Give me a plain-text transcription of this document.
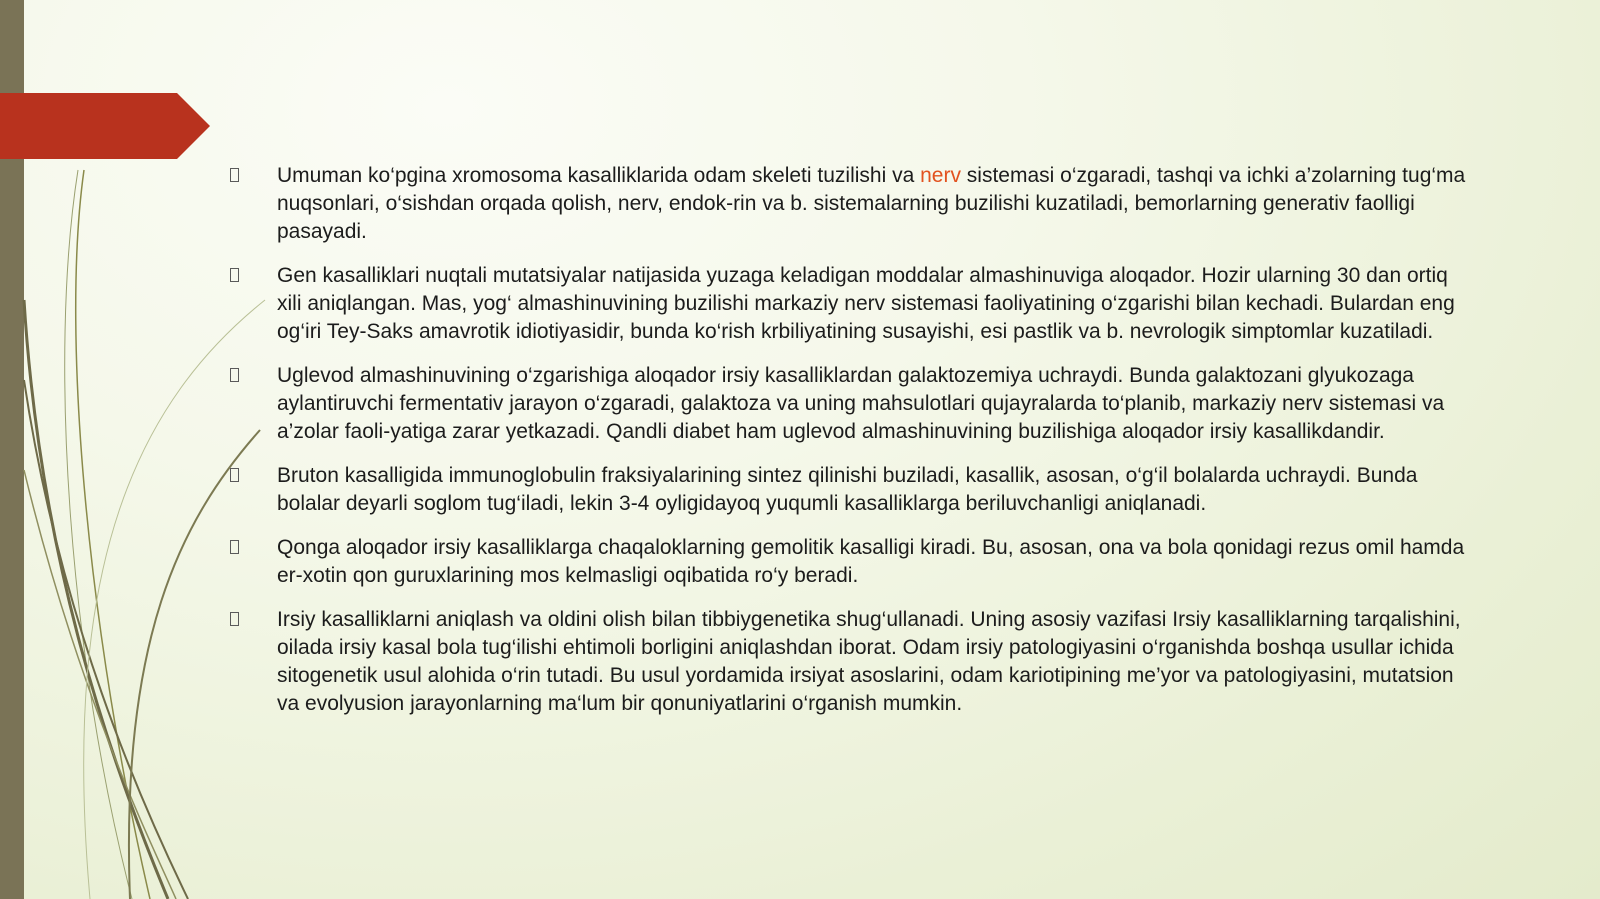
Umuman ko‘pgina xromosoma kasalliklarida odam skeleti tuzilishi va nerv sistemasi o‘zgaradi, tashqi va ichki a’zolarning tug‘ma nuqsonlari, o‘sishdan orqada qolish, nerv, endok-rin va b. sistemalarning buzilishi kuzatiladi, bemorlarning generativ faolligi pasayadi.
Gen kasalliklari nuqtali mutatsiyalar natijasida yuzaga keladigan moddalar almashinuviga aloqador. Hozir ularning 30 dan ortiq xili aniqlangan. Mas, yog‘ almashinuvining buzilishi markaziy nerv sistemasi faoliyatining o‘zgarishi bilan kechadi. Bulardan eng og‘iri Tey-Saks amavrotik idiotiyasidir, bunda ko‘rish krbiliyatining susayishi, esi pastlik va b. nevrologik simptomlar kuzatiladi.
Uglevod almashinuvining o‘zgarishiga aloqador irsiy kasalliklardan galaktozemiya uchraydi. Bunda galaktozani glyukozaga aylantiruvchi fermentativ jarayon o‘zgaradi, galaktoza va uning mahsulotlari qujayralarda to‘planib, markaziy nerv sistemasi va a’zolar faoli-yatiga zarar yetkazadi. Qandli diabet ham uglevod almashinuvining buzilishiga aloqador irsiy kasallikdandir.
Bruton kasalligida immunoglobulin fraksiyalarining sintez qilinishi buziladi, kasallik, asosan, o‘g‘il bolalarda uchraydi. Bunda bolalar deyarli soglom tug‘iladi, lekin 3-4 oyligidayoq yuqumli kasalliklarga beriluvchanligi aniqlanadi.
Qonga aloqador irsiy kasalliklarga chaqaloklarning gemolitik kasalligi kiradi. Bu, asosan, ona va bola qonidagi rezus omil hamda er-xotin qon guruxlarining mos kelmasligi oqibatida ro‘y beradi.
Irsiy kasalliklarni aniqlash va oldini olish bilan tibbiygenetika shug‘ullanadi. Uning asosiy vazifasi Irsiy kasalliklarning tarqalishini, oilada irsiy kasal bola tug‘ilishi ehtimoli borligini aniqlashdan iborat. Odam irsiy patologiyasini o‘rganishda boshqa usullar ichida sitogenetik usul alohida o‘rin tutadi. Bu usul yordamida irsiyat asoslarini, odam kariotipining me’yor va patologiyasini, mutatsion va evolyusion jarayonlarning ma‘lum bir qonuniyatlarini o‘rganish mumkin.
